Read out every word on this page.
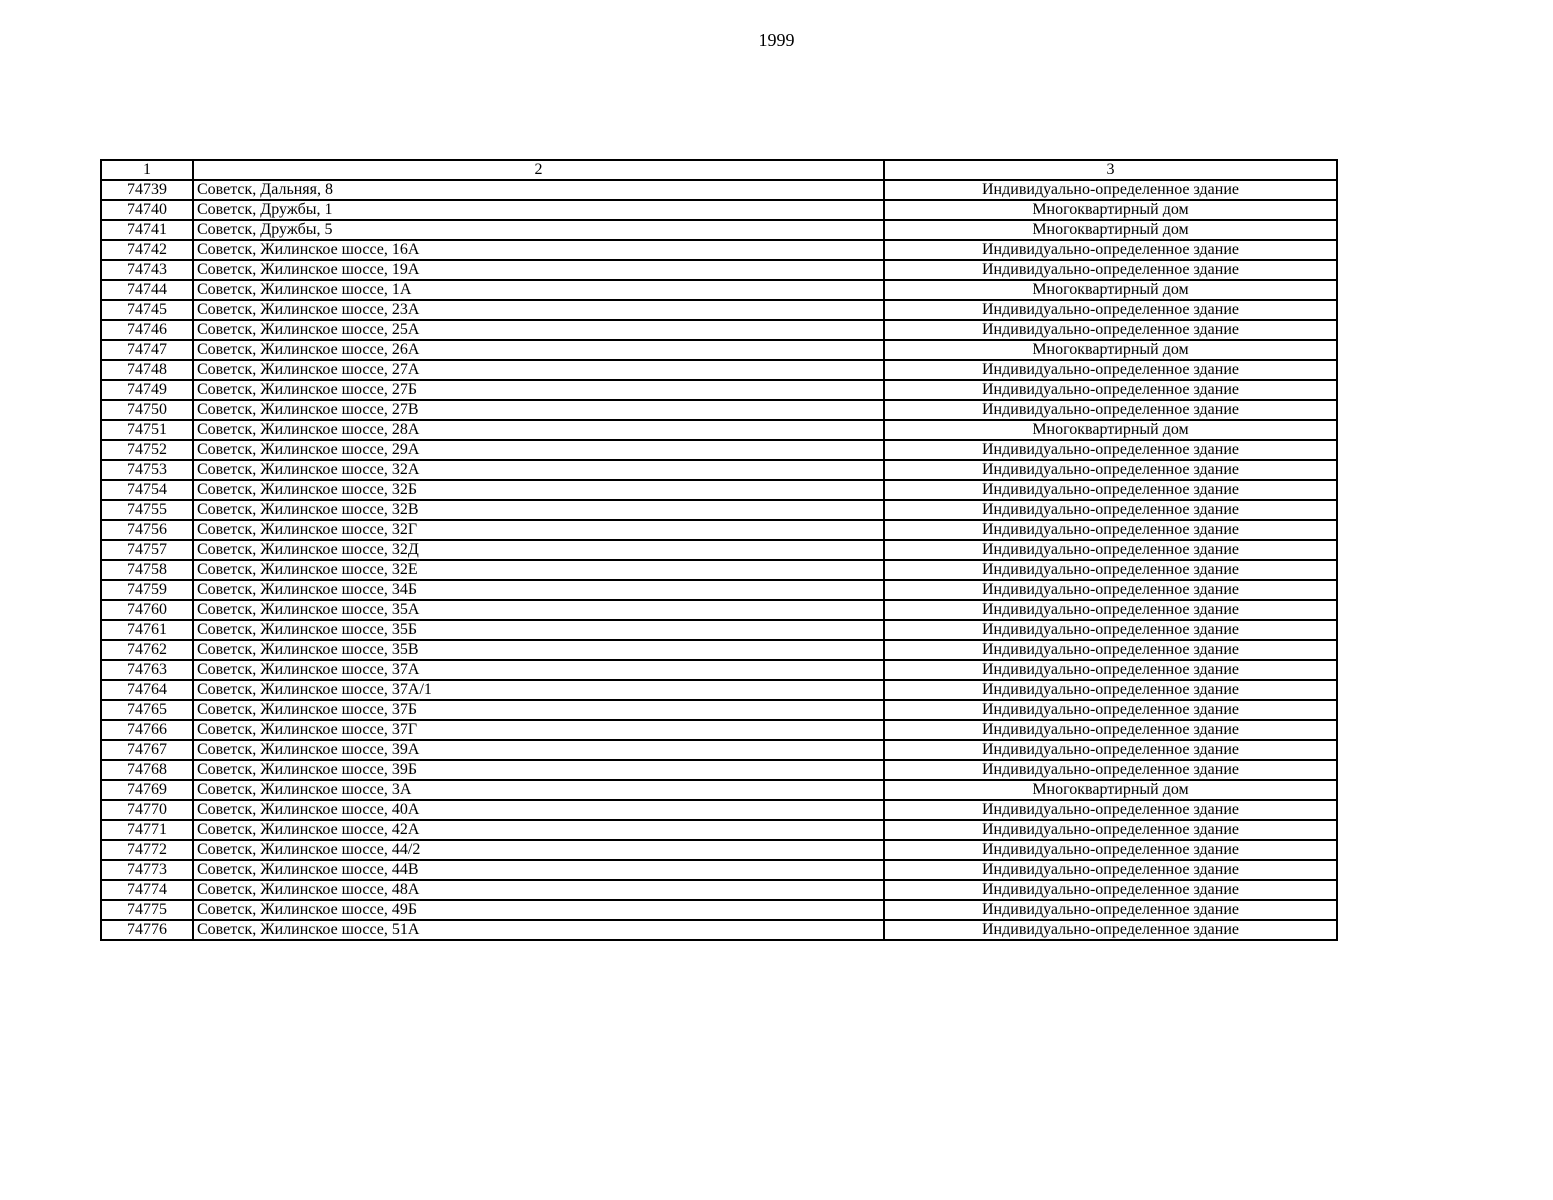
1999
1	2	3
74739	Советск, Дальняя, 8	Индивидуально-определенное здание
74740	Советск, Дружбы, 1	Многоквартирный дом
74741	Советск, Дружбы, 5	Многоквартирный дом
74742	Советск, Жилинское шоссе, 16А	Индивидуально-определенное здание
74743	Советск, Жилинское шоссе, 19А	Индивидуально-определенное здание
74744	Советск, Жилинское шоссе, 1А	Многоквартирный дом
74745	Советск, Жилинское шоссе, 23А	Индивидуально-определенное здание
74746	Советск, Жилинское шоссе, 25А	Индивидуально-определенное здание
74747	Советск, Жилинское шоссе, 26А	Многоквартирный дом
74748	Советск, Жилинское шоссе, 27А	Индивидуально-определенное здание
74749	Советск, Жилинское шоссе, 27Б	Индивидуально-определенное здание
74750	Советск, Жилинское шоссе, 27В	Индивидуально-определенное здание
74751	Советск, Жилинское шоссе, 28А	Многоквартирный дом
74752	Советск, Жилинское шоссе, 29А	Индивидуально-определенное здание
74753	Советск, Жилинское шоссе, 32А	Индивидуально-определенное здание
74754	Советск, Жилинское шоссе, 32Б	Индивидуально-определенное здание
74755	Советск, Жилинское шоссе, 32В	Индивидуально-определенное здание
74756	Советск, Жилинское шоссе, 32Г	Индивидуально-определенное здание
74757	Советск, Жилинское шоссе, 32Д	Индивидуально-определенное здание
74758	Советск, Жилинское шоссе, 32Е	Индивидуально-определенное здание
74759	Советск, Жилинское шоссе, 34Б	Индивидуально-определенное здание
74760	Советск, Жилинское шоссе, 35А	Индивидуально-определенное здание
74761	Советск, Жилинское шоссе, 35Б	Индивидуально-определенное здание
74762	Советск, Жилинское шоссе, 35В	Индивидуально-определенное здание
74763	Советск, Жилинское шоссе, 37А	Индивидуально-определенное здание
74764	Советск, Жилинское шоссе, 37А/1	Индивидуально-определенное здание
74765	Советск, Жилинское шоссе, 37Б	Индивидуально-определенное здание
74766	Советск, Жилинское шоссе, 37Г	Индивидуально-определенное здание
74767	Советск, Жилинское шоссе, 39А	Индивидуально-определенное здание
74768	Советск, Жилинское шоссе, 39Б	Индивидуально-определенное здание
74769	Советск, Жилинское шоссе, 3А	Многоквартирный дом
74770	Советск, Жилинское шоссе, 40А	Индивидуально-определенное здание
74771	Советск, Жилинское шоссе, 42А	Индивидуально-определенное здание
74772	Советск, Жилинское шоссе, 44/2	Индивидуально-определенное здание
74773	Советск, Жилинское шоссе, 44В	Индивидуально-определенное здание
74774	Советск, Жилинское шоссе, 48А	Индивидуально-определенное здание
74775	Советск, Жилинское шоссе, 49Б	Индивидуально-определенное здание
74776	Советск, Жилинское шоссе, 51А	Индивидуально-определенное здание
